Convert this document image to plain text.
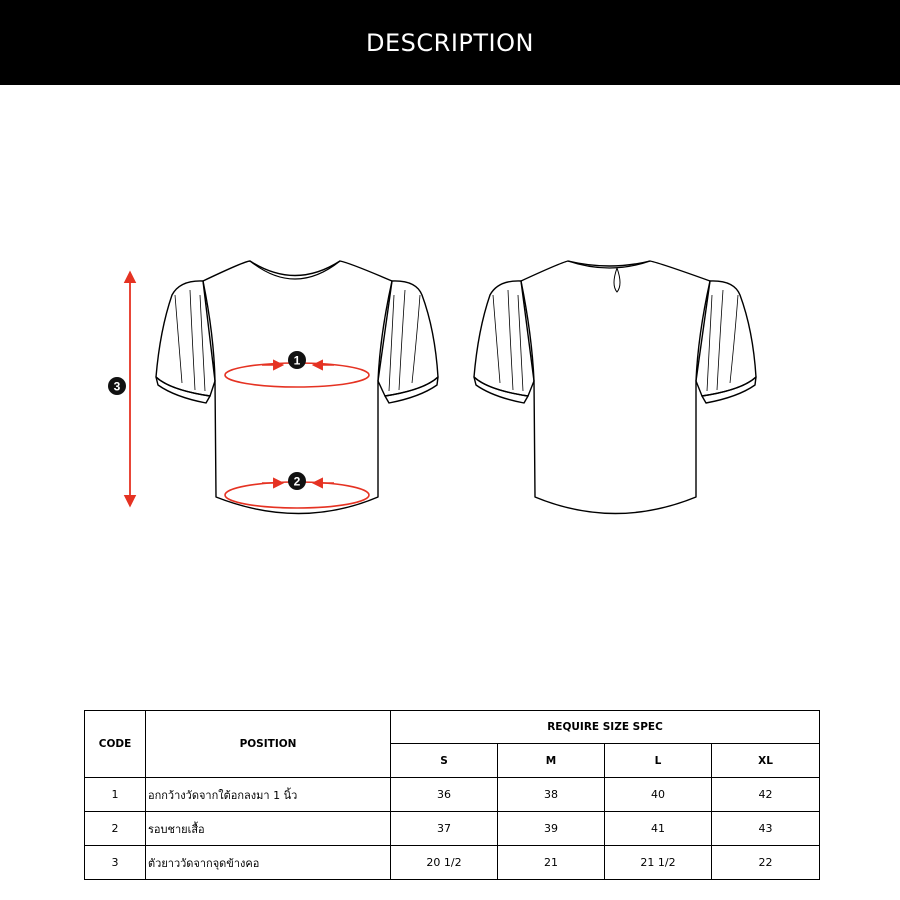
DESCRIPTION
1
2
3
CODE	POSITION	REQUIRE SIZE SPEC			
		S	M	L	XL
1	อกกว้างวัดจากใต้อกลงมา 1 นิ้ว	36	38	40	42
2	รอบชายเสื้อ	37	39	41	43
3	ตัวยาววัดจากจุดข้างคอ	20 1/2	21	21 1/2	22
